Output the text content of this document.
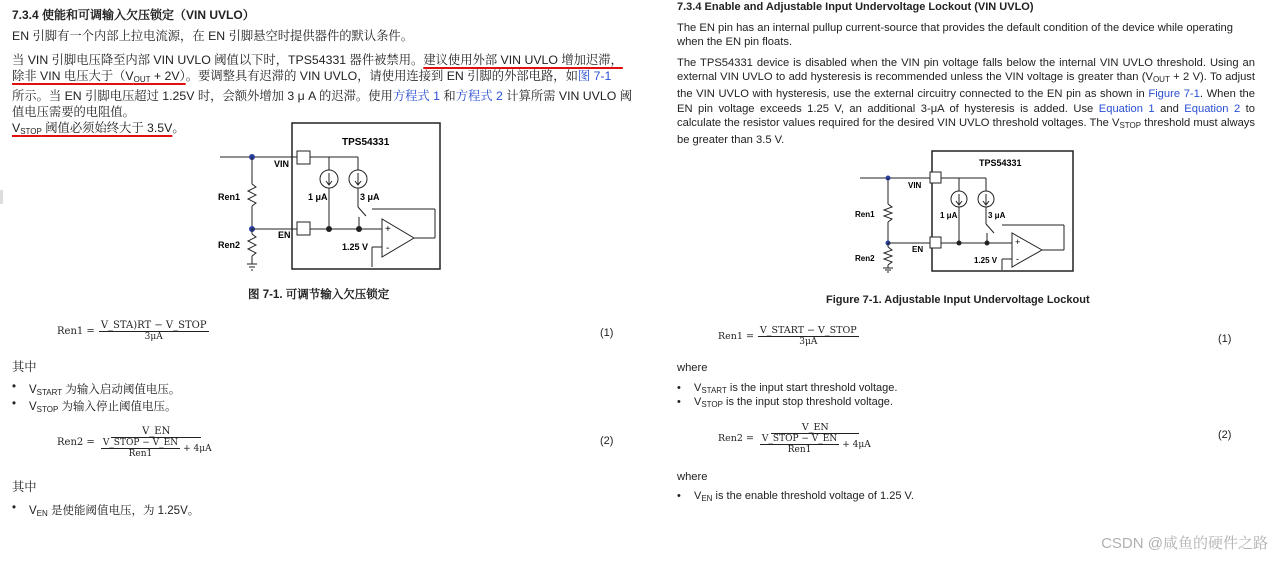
7.3.4 使能和可调输入欠压锁定（VIN UVLO）
EN 引脚有一个内部上拉电流源，在 EN 引脚悬空时提供器件的默认条件。
当 VIN 引脚电压降至内部 VIN UVLO 阈值以下时，TPS54331 器件被禁用。建议使用外部 VIN UVLO 增加迟滞，
除非 VIN 电压大于$(V_{OUT} + 2V)$。要调整具有迟滞的 VIN UVLO，请使用连接到 EN 引脚的外部电路，如图 7-1
所示。当 EN 引脚电压超过 1.25V 时，会额外增加 3 μ A 的迟滞。使用方程式 1 和方程式 2 计算所需 VIN UVLO 阈值电压需要的电阻值。
$V_{STOP}$ 阈值必须始终大于 3.5V。
TPS54331
VIN
Ren1
EN
Ren2
1 μA	3 μA
+
-
1.25 V
图 7-1. 可调节输入欠压锁定
$Ren1 = \frac{\text{V\_STA)RT − V\_STOP}}{3\mu A}$	(1)
其中
• $V_{START}$ 为输入启动阈值电压。
• $V_{STOP}$ 为输入停止阈值电压。
$Ren2 = \frac{V\_EN}{\frac{\text{V\_STOP − V\_EN}}{\text{Ren1}} + 4\mu A}$	(2)
其中
• $V_{EN}$ 是使能阈值电压，为 1.25V。
7.3.4 Enable and Adjustable Input Undervoltage Lockout (VIN UVLO)
The EN pin has an internal pullup current-source that provides the default condition of the device while operating when the EN pin floats.
The TPS54331 device is disabled when the VIN pin voltage falls below the internal VIN UVLO threshold. Using an external VIN UVLO to add hysteresis is recommended unless the VIN voltage is greater than ($V_{OUT} + 2$ V). To adjust the VIN UVLO with hysteresis, use the external circuitry connected to the EN pin as shown in Figure 7-1. When the EN pin voltage exceeds 1.25 V, an additional 3-μA of hysteresis is added. Use Equation 1 and Equation 2 to calculate the resistor values required for the desired VIN UVLO threshold voltages. The $V_{STOP}$ threshold must always be greater than 3.5 V.
TPS54331
VIN
Ren1
EN
Ren2
1 μA	3 μA
+
-
1.25 V
Figure 7-1. Adjustable Input Undervoltage Lockout
$Ren1 = \frac{\text{V\_START − V\_STOP}}{3\mu A}$	(1)
where
• $V_{START}$ is the input start threshold voltage.
• $V_{STOP}$ is the input stop threshold voltage.
$Ren2 = \frac{V\_EN}{\frac{\text{V\_STOP − V\_EN}}{\text{Ren1}} + 4\mu A}$	(2)
where
• $V_{EN}$ is the enable threshold voltage of 1.25 V.
CSDN @咸鱼的硬件之路
